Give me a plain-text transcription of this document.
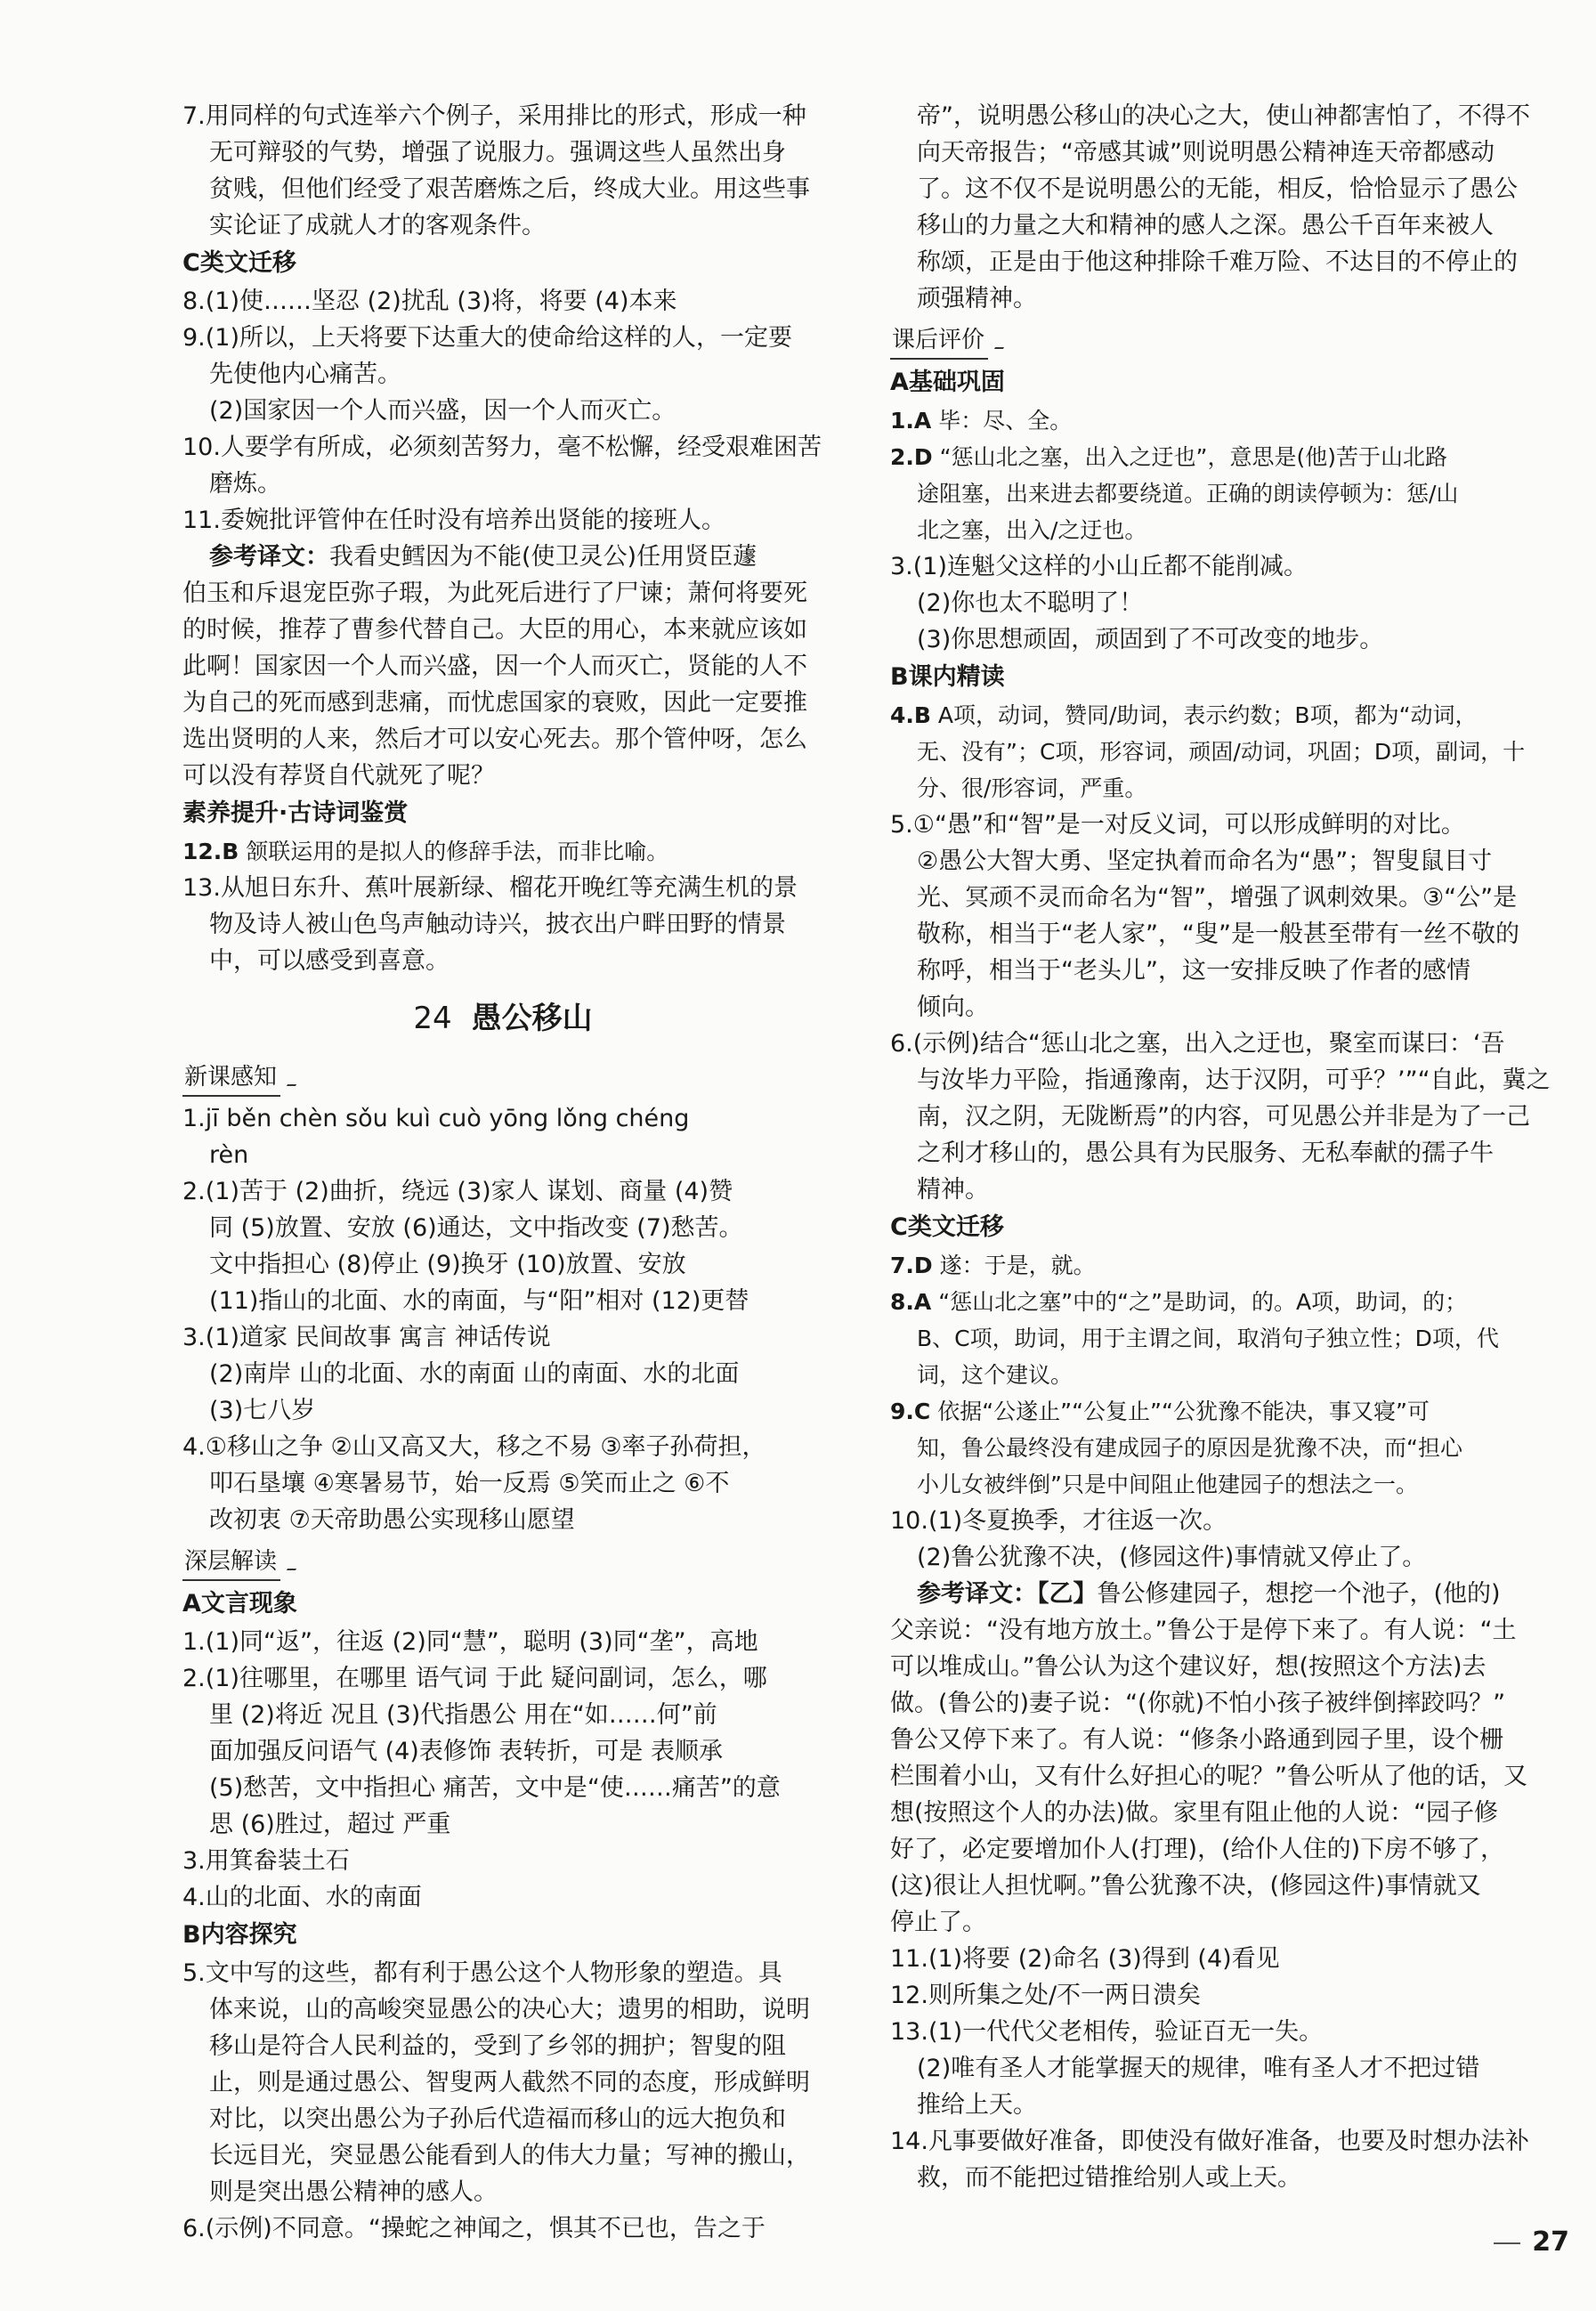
7.用同样的句式连举六个例子，采用排比的形式，形成一种
无可辩驳的气势，增强了说服力。强调这些人虽然出身
贫贱，但他们经受了艰苦磨炼之后，终成大业。用这些事
实论证了成就人才的客观条件。
C类文迁移
8.(1)使……坚忍 (2)扰乱 (3)将，将要 (4)本来
9.(1)所以，上天将要下达重大的使命给这样的人，一定要
先使他内心痛苦。
(2)国家因一个人而兴盛，因一个人而灭亡。
10.人要学有所成，必须刻苦努力，毫不松懈，经受艰难困苦
磨炼。
11.委婉批评管仲在任时没有培养出贤能的接班人。
参考译文：我看史鳕因为不能(使卫灵公)任用贤臣蘧
伯玉和斥退宠臣弥子瑕，为此死后进行了尸谏；萧何将要死
的时候，推荐了曹参代替自己。大臣的用心，本来就应该如
此啊！国家因一个人而兴盛，因一个人而灭亡，贤能的人不
为自己的死而感到悲痛，而忧虑国家的衰败，因此一定要推
选出贤明的人来，然后才可以安心死去。那个管仲呀，怎么
可以没有荐贤自代就死了呢？
素养提升·古诗词鉴赏
12.B 颔联运用的是拟人的修辞手法，而非比喻。
13.从旭日东升、蕉叶展新绿、榴花开晚红等充满生机的景
物及诗人被山色鸟声触动诗兴，披衣出户畔田野的情景
中，可以感受到喜意。
24 愚公移山
新课感知
1.jī běn chèn sǒu kuì cuò yōng lǒng chéng
rèn
2.(1)苦于 (2)曲折，绕远 (3)家人 谋划、商量 (4)赞
同 (5)放置、安放 (6)通达，文中指改变 (7)愁苦。
文中指担心 (8)停止 (9)换牙 (10)放置、安放
(11)指山的北面、水的南面，与“阳”相对 (12)更替
3.(1)道家 民间故事 寓言 神话传说
(2)南岸 山的北面、水的南面 山的南面、水的北面
(3)七八岁
4.①移山之争 ②山又高又大，移之不易 ③率子孙荷担，
叩石垦壤 ④寒暑易节，始一反焉 ⑤笑而止之 ⑥不
改初衷 ⑦天帝助愚公实现移山愿望
深层解读
A文言现象
1.(1)同“返”，往返 (2)同“慧”，聪明 (3)同“垄”，高地
2.(1)往哪里，在哪里 语气词 于此 疑问副词，怎么，哪
里 (2)将近 况且 (3)代指愚公 用在“如……何”前
面加强反问语气 (4)表修饰 表转折，可是 表顺承
(5)愁苦，文中指担心 痛苦，文中是“使……痛苦”的意
思 (6)胜过，超过 严重
3.用箕畚装土石
4.山的北面、水的南面
B内容探究
5.文中写的这些，都有利于愚公这个人物形象的塑造。具
体来说，山的高峻突显愚公的决心大；遗男的相助，说明
移山是符合人民利益的，受到了乡邻的拥护；智叟的阻
止，则是通过愚公、智叟两人截然不同的态度，形成鲜明
对比，以突出愚公为子孙后代造福而移山的远大抱负和
长远目光，突显愚公能看到人的伟大力量；写神的搬山，
则是突出愚公精神的感人。
6.(示例)不同意。“操蛇之神闻之，惧其不已也，告之于
帝”，说明愚公移山的决心之大，使山神都害怕了，不得不
向天帝报告；“帝感其诚”则说明愚公精神连天帝都感动
了。这不仅不是说明愚公的无能，相反，恰恰显示了愚公
移山的力量之大和精神的感人之深。愚公千百年来被人
称颂，正是由于他这种排除千难万险、不达目的不停止的
顽强精神。
课后评价
A基础巩固
1.A 毕：尽、全。
2.D “惩山北之塞，出入之迂也”，意思是(他)苦于山北路
途阻塞，出来进去都要绕道。正确的朗读停顿为：惩/山
北之塞，出入/之迂也。
3.(1)连魁父这样的小山丘都不能削减。
(2)你也太不聪明了！
(3)你思想顽固，顽固到了不可改变的地步。
B课内精读
4.B A项，动词，赞同/助词，表示约数；B项，都为“动词，
无、没有”；C项，形容词，顽固/动词，巩固；D项，副词，十
分、很/形容词，严重。
5.①“愚”和“智”是一对反义词，可以形成鲜明的对比。
②愚公大智大勇、坚定执着而命名为“愚”；智叟鼠目寸
光、冥顽不灵而命名为“智”，增强了讽刺效果。③“公”是
敬称，相当于“老人家”，“叟”是一般甚至带有一丝不敬的
称呼，相当于“老头儿”，这一安排反映了作者的感情
倾向。
6.(示例)结合“惩山北之塞，出入之迂也，聚室而谋曰：‘吾
与汝毕力平险，指通豫南，达于汉阴，可乎？’”“自此，冀之
南，汉之阴，无陇断焉”的内容，可见愚公并非是为了一己
之利才移山的，愚公具有为民服务、无私奉献的孺子牛
精神。
C类文迁移
7.D 遂：于是，就。
8.A “惩山北之塞”中的“之”是助词，的。A项，助词，的；
B、C项，助词，用于主谓之间，取消句子独立性；D项，代
词，这个建议。
9.C 依据“公遂止”“公复止”“公犹豫不能决，事又寝”可
知，鲁公最终没有建成园子的原因是犹豫不决，而“担心
小儿女被绊倒”只是中间阻止他建园子的想法之一。
10.(1)冬夏换季，才往返一次。
(2)鲁公犹豫不决，(修园这件)事情就又停止了。
参考译文：【乙】鲁公修建园子，想挖一个池子，(他的)
父亲说：“没有地方放土。”鲁公于是停下来了。有人说：“土
可以堆成山。”鲁公认为这个建议好，想(按照这个方法)去
做。(鲁公的)妻子说：“(你就)不怕小孩子被绊倒摔跤吗？”
鲁公又停下来了。有人说：“修条小路通到园子里，设个栅
栏围着小山，又有什么好担心的呢？”鲁公听从了他的话，又
想(按照这个人的办法)做。家里有阻止他的人说：“园子修
好了，必定要增加仆人(打理)，(给仆人住的)下房不够了，
(这)很让人担忧啊。”鲁公犹豫不决，(修园这件)事情就又
停止了。
11.(1)将要 (2)命名 (3)得到 (4)看见
12.则所集之处/不一两日溃矣
13.(1)一代代父老相传，验证百无一失。
(2)唯有圣人才能掌握天的规律，唯有圣人才不把过错
推给上天。
14.凡事要做好准备，即使没有做好准备，也要及时想办法补
救，而不能把过错推给别人或上天。
27
